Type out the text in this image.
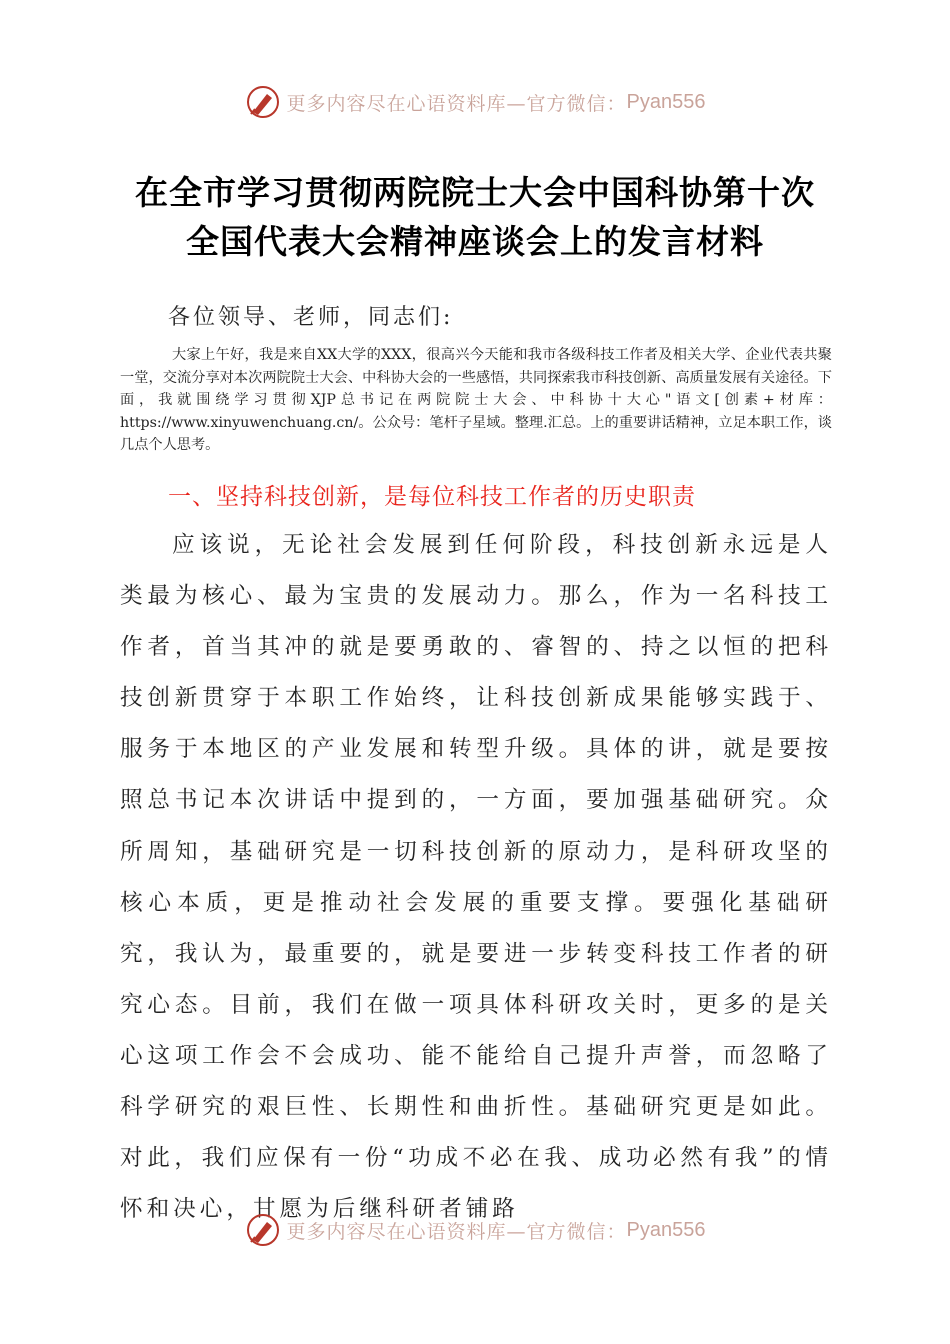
更多内容尽在心语资料库—官方微信： Pyan556
在全市学习贯彻两院院士大会中国科协第十次
全国代表大会精神座谈会上的发言材料
各位领导、老师，同志们:
大家上午好，我是来自XX大学的XXX，很高兴今天能和我市各级科技工作者及相关大学、企业代表共聚一堂，交流分享对本次两院院士大会、中科协大会的一些感悟，共同探索我市科技创新、高质量发展有关途径。下面，我就围绕学习贯彻XJP总书记在两院院士大会、中科协十大心"语文[创素+材库：https://www.xinyuwenchuang.cn/。公众号：笔杆子星域。整理.汇总。上的重要讲话精神，立足本职工作，谈几点个人思考。
一、坚持科技创新，是每位科技工作者的历史职责
应该说，无论社会发展到任何阶段，科技创新永远是人类最为核心、最为宝贵的发展动力。那么，作为一名科技工作者，首当其冲的就是要勇敢的、睿智的、持之以恒的把科技创新贯穿于本职工作始终，让科技创新成果能够实践于、服务于本地区的产业发展和转型升级。具体的讲，就是要按照总书记本次讲话中提到的，一方面，要加强基础研究。众所周知，基础研究是一切科技创新的原动力，是科研攻坚的核心本质，更是推动社会发展的重要支撑。要强化基础研究，我认为，最重要的，就是要进一步转变科技工作者的研究心态。目前，我们在做一项具体科研攻关时，更多的是关心这项工作会不会成功、能不能给自己提升声誉，而忽略了科学研究的艰巨性、长期性和曲折性。基础研究更是如此。对此，我们应保有一份“功成不必在我、成功必然有我”的情怀和决心，甘愿为后继科研者铺路
更多内容尽在心语资料库—官方微信： Pyan556
